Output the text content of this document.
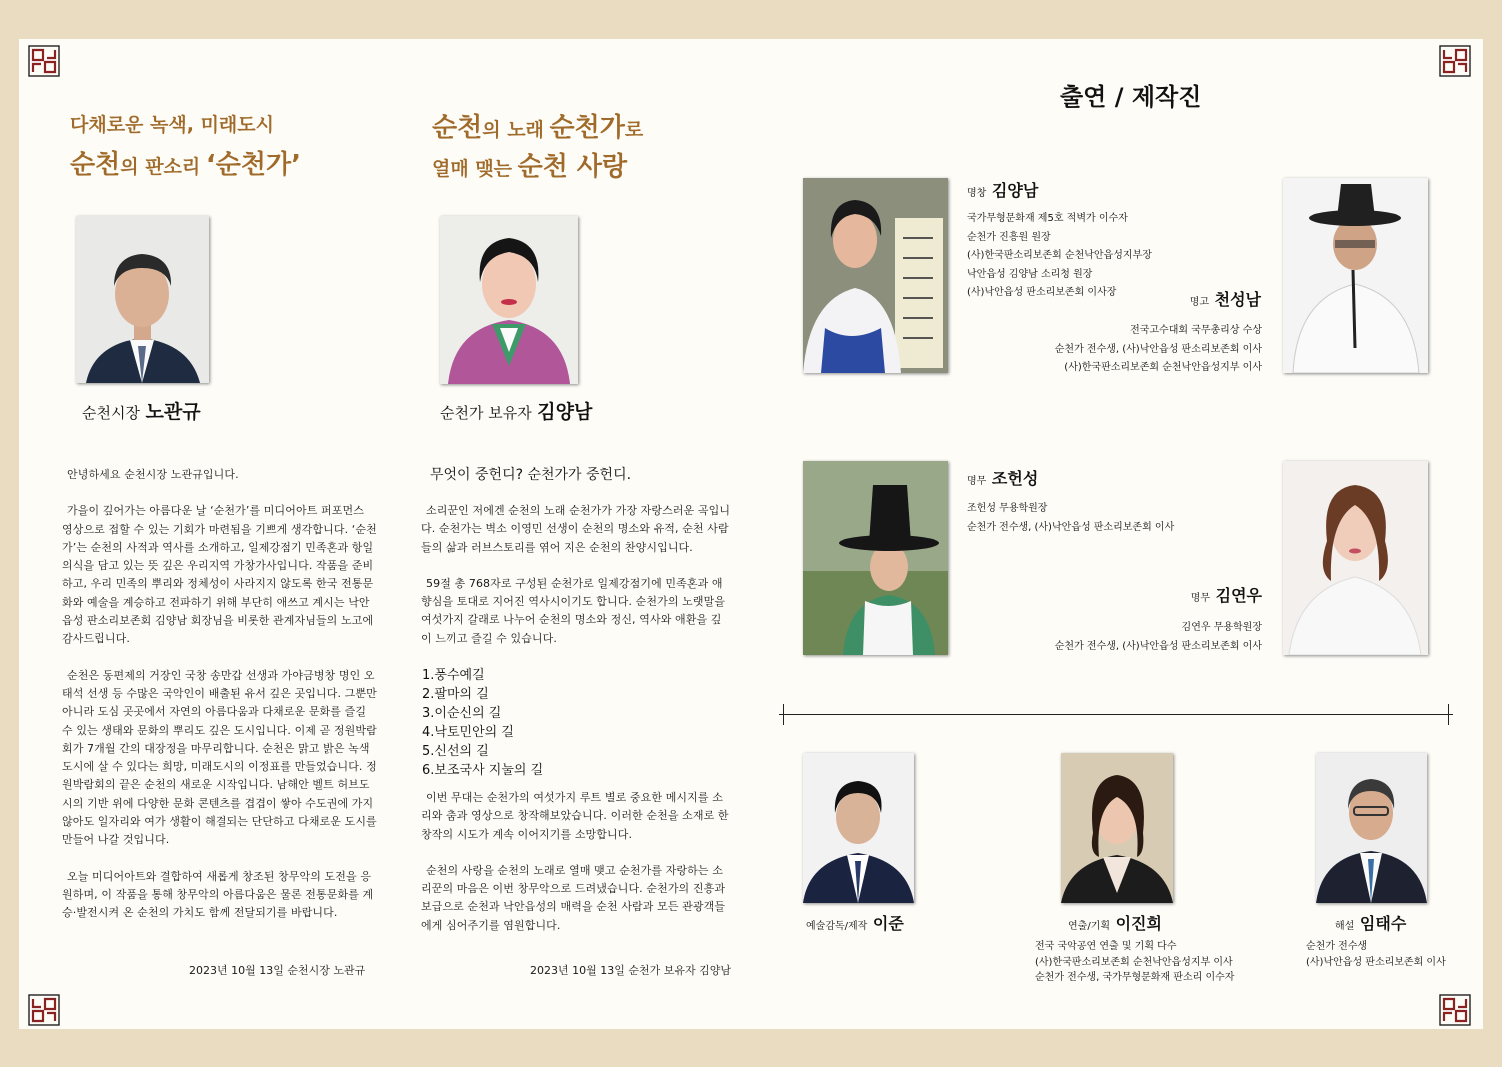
다채로운 녹색, 미래도시
순천의 판소리 ‘순천가’
순천시장 노관규

안녕하세요 순천시장 노관규입니다.

가을이 깊어가는 아름다운 날 ‘순천가’를 미디어아트 퍼포먼스 영상으로 접할 수 있는 기회가 마련됨을 기쁘게 생각합니다. ‘순천가’는 순천의 사적과 역사를 소개하고, 일제강점기 민족혼과 항일의식을 담고 있는 뜻 깊은 우리지역 가창가사입니다. 작품을 준비하고, 우리 민족의 뿌리와 정체성이 사라지지 않도록 한국 전통문화와 예술을 계승하고 전파하기 위해 부단히 애쓰고 계시는 낙안읍성 판소리보존회 김양남 회장님을 비롯한 관계자님들의 노고에 감사드립니다.

순천은 동편제의 거장인 국창 송만갑 선생과 가야금병창 명인 오태석 선생 등 수많은 국악인이 배출된 유서 깊은 곳입니다. 그뿐만 아니라 도심 곳곳에서 자연의 아름다움과 다채로운 문화를 즐길 수 있는 생태와 문화의 뿌리도 깊은 도시입니다. 이제 곧 정원박람회가 7개월 간의 대장정을 마무리합니다. 순천은 맑고 밝은 녹색도시에 살 수 있다는 희망, 미래도시의 이정표를 만들었습니다. 정원박람회의 끝은 순천의 새로운 시작입니다. 남해안 벨트 허브도시의 기반 위에 다양한 문화 콘텐츠를 겹겹이 쌓아 수도권에 가지 않아도 일자리와 여가 생활이 해결되는 단단하고 다채로운 도시를 만들어 나갈 것입니다.

오늘 미디어아트와 결합하여 새롭게 창조된 창무악의 도전을 응원하며, 이 작품을 통해 창무악의 아름다움은 물론 전통문화를 계승·발전시켜 온 순천의 가치도 함께 전달되기를 바랍니다.

2023년 10월 13일 순천시장 노관규
순천의 노래 순천가로
열매 맺는 순천 사랑
순천가 보유자 김양남
무엇이 중헌디? 순천가가 중헌디.

소리꾼인 저에겐 순천의 노래 순천가가 가장 자랑스러운 곡입니다. 순천가는 벽소 이영민 선생이 순천의 명소와 유적, 순천 사람들의 삶과 러브스토리를 엮어 지은 순천의 찬양시입니다.

59절 총 768자로 구성된 순천가로 일제강점기에 민족혼과 애향심을 토대로 지어진 역사시이기도 합니다. 순천가의 노랫말을 여섯가지 갈래로 나누어 순천의 명소와 정신, 역사와 애환을 깊이 느끼고 즐길 수 있습니다.

1.풍수예길
2.팔마의 길
3.이순신의 길
4.낙토민안의 길
5.신선의 길
6.보조국사 지눌의 길

이번 무대는 순천가의 여섯가지 루트 별로 중요한 메시지를 소리와 춤과 영상으로 창작해보았습니다. 이러한 순천을 소재로 한 창작의 시도가 계속 이어지기를 소망합니다.

순천의 사랑을 순천의 노래로 열매 맺고 순천가를 자랑하는 소리꾼의 마음은 이번 창무악으로 드려냈습니다. 순천가의 진흥과 보급으로 순천과 낙안읍성의 매력을 순천 사람과 모든 관광객들에게 심어주기를 염원합니다.

2023년 10월 13일 순천가 보유자 김양남
출연 / 제작진
명창 김양남
국가무형문화재 제5호 적벽가 이수자
순천가 진흥원 원장
(사)한국판소리보존회 순천낙안읍성지부장
낙안읍성 김양남 소리청 원장
(사)낙안읍성 판소리보존회 이사장
명고 천성남
전국고수대회 국무총리상 수상
순천가 전수생, (사)낙안읍성 판소리보존회 이사
(사)한국판소리보존회 순천낙안읍성지부 이사
명무 조헌성
조헌성 무용학원장
순천가 전수생, (사)낙안읍성 판소리보존회 이사
명무 김연우
김연우 무용학원장
순천가 전수생, (사)낙안읍성 판소리보존회 이사
예술감독/제작 이준	연출/기획 이진희
전국 국악공연 연출 및 기획 다수
(사)한국판소리보존회 순천낙안읍성지부 이사
순천가 전수생, 국가무형문화재 판소리 이수자
해설 임태수
순천가 전수생
(사)낙안읍성 판소리보존회 이사
